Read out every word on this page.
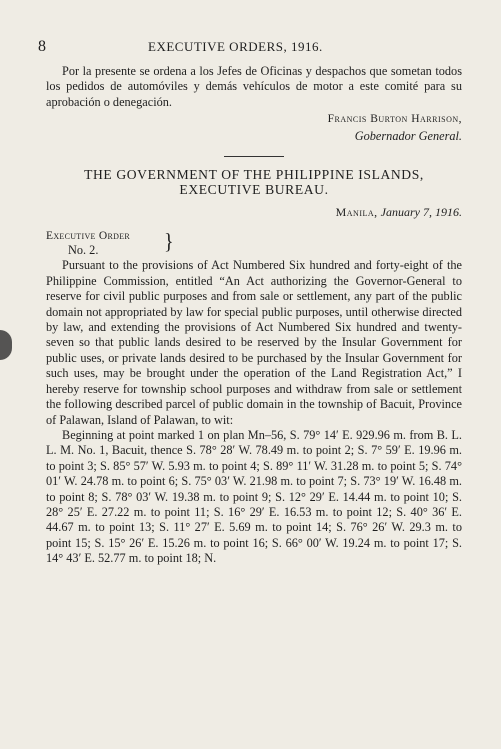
8	EXECUTIVE ORDERS, 1916.

Por la presente se ordena a los Jefes de Oficinas y despachos que sometan todos los pedidos de automóviles y demás vehículos de motor a este comité para su aprobación o denegación.

Francis Burton Harrison,
Gobernador General.
THE GOVERNMENT OF THE PHILIPPINE ISLANDS,
EXECUTIVE BUREAU.
Manila, January 7, 1916.
Executive Order
No. 2.	}

Pursuant to the provisions of Act Numbered Six hundred and forty-eight of the Philippine Commission, entitled “An Act authorizing the Governor-General to reserve for civil public purposes and from sale or settlement, any part of the public domain not appropriated by law for special public purposes, until otherwise directed by law, and extending the provisions of Act Numbered Six hundred and twenty-seven so that public lands desired to be reserved by the Insular Government for public uses, or private lands desired to be purchased by the Insular Government for such uses, may be brought under the operation of the Land Registration Act,” I hereby reserve for township school purposes and withdraw from sale or settlement the following described parcel of public domain in the township of Bacuit, Province of Palawan, Island of Palawan, to wit:

Beginning at point marked 1 on plan Mn–56, S. 79° 14′ E. 929.96 m. from B. L. L. M. No. 1, Bacuit, thence S. 78° 28′ W. 78.49 m. to point 2; S. 7° 59′ E. 19.96 m. to point 3; S. 85° 57′ W. 5.93 m. to point 4; S. 89° 11′ W. 31.28 m. to point 5; S. 74° 01′ W. 24.78 m. to point 6; S. 75° 03′ W. 21.98 m. to point 7; S. 73° 19′ W. 16.48 m. to point 8; S. 78° 03′ W. 19.38 m. to point 9; S. 12° 29′ E. 14.44 m. to point 10; S. 28° 25′ E. 27.22 m. to point 11; S. 16° 29′ E. 16.53 m. to point 12; S. 40° 36′ E. 44.67 m. to point 13; S. 11° 27′ E. 5.69 m. to point 14; S. 76° 26′ W. 29.3 m. to point 15; S. 15° 26′ E. 15.26 m. to point 16; S. 66° 00′ W. 19.24 m. to point 17; S. 14° 43′ E. 52.77 m. to point 18; N.
